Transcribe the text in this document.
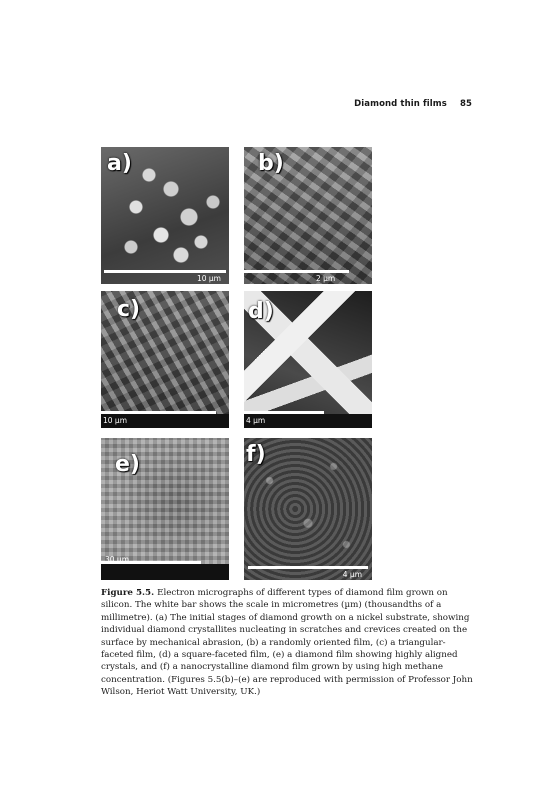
Diamond thin films 85
a)
10 µm
b)
2 µm
c)
10 µm
d)
4 µm
e)
30 µm
f)
4 µm
Figure 5.5. Electron micrographs of different types of diamond film grown on silicon. The white bar shows the scale in micrometres (µm) (thousandths of a millimetre). (a) The initial stages of diamond growth on a nickel substrate, showing individual diamond crystallites nucleating in scratches and crevices created on the surface by mechanical abrasion, (b) a randomly oriented film, (c) a triangular-faceted film, (d) a square-faceted film, (e) a diamond film showing highly aligned crystals, and (f) a nanocrystalline diamond film grown by using high methane concentration. (Figures 5.5(b)–(e) are reproduced with permission of Professor John Wilson, Heriot Watt University, UK.)
